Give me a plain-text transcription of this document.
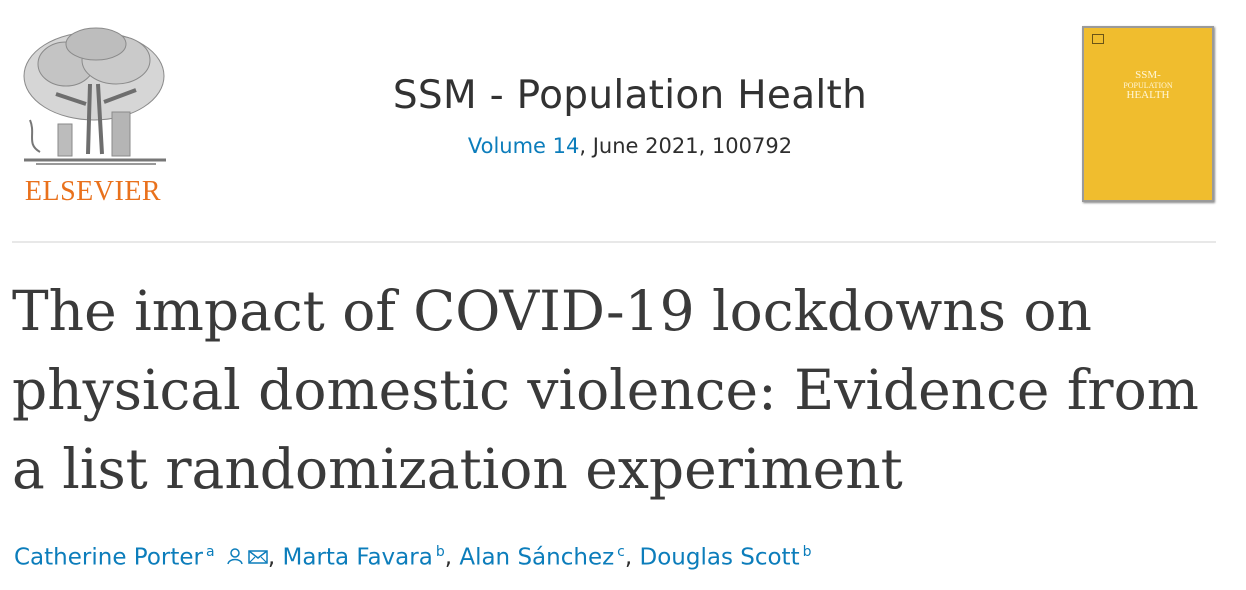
ELSEVIER
SSM - Population Health
Volume 14, June 2021, 100792
SSM-
POPULATION
HEALTH
The impact of COVID-19 lockdowns on physical domestic violence: Evidence from a list randomization experiment
Catherine Porter $^a$ , Marta Favara $^b$, Alan Sánchez $^c$, Douglas Scott $^b$
